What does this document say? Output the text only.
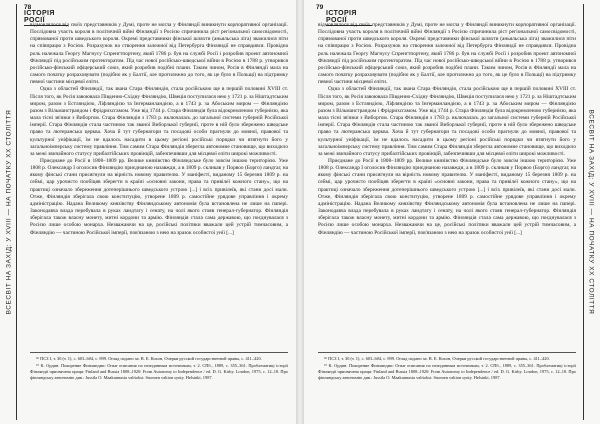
ВСЕСВІТ НА ЗАХІД: У XVIII — НА ПОЧАТКУ XX СТОЛІТТЯ
78
ІСТОРІЯ РОСІЇ

відмовлялося від своїх представників у Думі, проте не могла у Фінляндії виникнути корпоративної організації. Послідовна участь короля в політичній війні Фінляндії з Росією спричинила ріст регіональної самосвідомості, спрямованої проти шведського короля. Окремі представники фінської шляхти (аньяльська ліга) зважилися піти на співпрацю з Росією. Розрахунок на створення залежної від Петербурга Фінляндії не справдився. Провідна роль належала Георгу Магнусу Спренгтпортену, який 1786 р. був на службі Росії і розробив проект автономної Фінляндії під російським протекторатом. Під час нової російсько-шведської війни в Росією в 1788 р. утворився російсько-фінський офіцерський союз, який розробив подібні плани. Таким чином, Росія в Фінляндії мала на самого початку розраховувати (подібно як у Балтії, але протилежно до того, як це було в Польщі) на підтримку певної частини місцевої еліти.

Одна з областей Фінляндії, так звана Стара Фінляндія, стала російською ще в першій половині XVIII ст. Після того, як Росія завоювала Південно-Східну Фінляндію, Швеція поступилася нею у 1721 р. за Ніштадтським миром, разом з Естляндією, Ліфляндією та Інгерманландією, а в 1743 р. за Абоським миром — Фінляндією разом з Вільманстрандом і Фрідрихсгамом. Уже від 1744 р. Стара Фінляндія була відокремленою губернією, яка мала тісні зв'язки з Виборгом. Стара Фінляндія з 1783 р. включалась до загальної системи губерній Російської імперії. Стара Фінляндія стала частиною так званої Виборзької губернії, проте в ній було збережено шведське право та лютеранська церква. Хоча й тут губернатори та посадові особи прагнули до мовної, правової та культурної уніфікації, їм не вдалось насадити в цьому регіоні російські порядки чи втягнути його у загальноімперську систему правління. Тим самим Стара Фінляндія зберегла автономне становище, що виходило за межі звичайного статусу прибалтійських провінцій, забезпечивши для місцевої еліти широкі можливості.

Приєднане до Росії в 1808–1809 рр. Велике князівство Фінляндське було зовсім іншою територією. Уже 1808 р. Олександр I оголосив Фінляндію приєднаною назавжди, а в 1809 р. скликав у Порвоо (Борго) ландтаг, на якому фінські стани присягнули на вірність новому правителю. У маніфесті, виданому 15 березня 1809 р. на сеймі, цар урочисто пообіцяв зберегти в країні «основні закони, права та привілеї кожного стану», що на практиці означало збереження дотеперішнього шведського устрою [...] і всіх привілеїв, які стани досі мали. Отже, Фінляндія зберігала свою конституцію, утворене 1809 р. самостійне урядове управління і окрему адміністрацію. Надана Великому князівству Фінляндському автономія була встановлена не лише на папері. Законодавча влада перебувала в руках ландтагу і сенату, на чолі якого стояв генерал-губернатор. Фінляндія зберігала також власну монету, митні кордони та армію. Фінляндія стала сама державою, що поєднувалася з Росією лише особою монарха. Незважаючи на це, російські політики вважали цей устрій тимчасовим, а Фінляндію — частиною Російської імперії, пов'язаною з нею на зразок особистої унії [...]

⁶⁶ ПСЗ I, т. 30 (т. 1), с. 603–604, с. 899. Огляд подано за: В. Е. Кохон, Очерки русской государственной правы, с. 411–420.

⁶⁷ К. Ордин. Покорение Финляндии: Опыт описания по неизданным источникам, т. 2. СПб., 1889, с. 355–361. Проблематиці історії Фінляндії присвячена праця: Finland and Russia 1808–1920: From Autonomy to Independence / ed. D. G. Kirby. London, 1975, с. 12–18. Про фінляндську автономію див.: Jussila O. Maakunnasta valtioksi: Suomen valtion synty. Helsinki, 1987.

79
ІСТОРІЯ РОСІЇ

відмовлялося від своїх представників у Думі, проте не могла у Фінляндії виникнути корпоративної організації. Послідовна участь короля в політичній війні Фінляндії з Росією спричинила ріст регіональної самосвідомості, спрямованої проти шведського короля. Окремі представники фінської шляхти (аньяльська ліга) зважилися піти на співпрацю з Росією. Розрахунок на створення залежної від Петербурга Фінляндії не справдився. Провідна роль належала Георгу Магнусу Спренгтпортену, який 1786 р. був на службі Росії і розробив проект автономної Фінляндії під російським протекторатом. Під час нової російсько-шведської війни в Росією в 1788 р. утворився російсько-фінський офіцерський союз, який розробив подібні плани. Таким чином, Росія в Фінляндії мала на самого початку розраховувати (подібно як у Балтії, але протилежно до того, як це було в Польщі) на підтримку певної частини місцевої еліти.

Одна з областей Фінляндії, так звана Стара Фінляндія, стала російською ще в першій половині XVIII ст. Після того, як Росія завоювала Південно-Східну Фінляндію, Швеція поступилася нею у 1721 р. за Ніштадтським миром, разом з Естляндією, Ліфляндією та Інгерманландією, а в 1743 р. за Абоським миром — Фінляндією разом з Вільманстрандом і Фрідрихсгамом. Уже від 1744 р. Стара Фінляндія була відокремленою губернією, яка мала тісні зв'язки з Виборгом. Стара Фінляндія з 1783 р. включалась до загальної системи губерній Російської імперії. Стара Фінляндія стала частиною так званої Виборзької губернії, проте в ній було збережено шведське право та лютеранська церква. Хоча й тут губернатори та посадові особи прагнули до мовної, правової та культурної уніфікації, їм не вдалось насадити в цьому регіоні російські порядки чи втягнути його у загальноімперську систему правління. Тим самим Стара Фінляндія зберегла автономне становище, що виходило за межі звичайного статусу прибалтійських провінцій, забезпечивши для місцевої еліти широкі можливості.

Приєднане до Росії в 1808–1809 рр. Велике князівство Фінляндське було зовсім іншою територією. Уже 1808 р. Олександр I оголосив Фінляндію приєднаною назавжди, а в 1809 р. скликав у Порвоо (Борго) ландтаг, на якому фінські стани присягнули на вірність новому правителю. У маніфесті, виданому 15 березня 1809 р. на сеймі, цар урочисто пообіцяв зберегти в країні «основні закони, права та привілеї кожного стану», що на практиці означало збереження дотеперішнього шведського устрою [...] і всіх привілеїв, які стани досі мали. Отже, Фінляндія зберігала свою конституцію, утворене 1809 р. самостійне урядове управління і окрему адміністрацію. Надана Великому князівству Фінляндському автономія була встановлена не лише на папері. Законодавча влада перебувала в руках ландтагу і сенату, на чолі якого стояв генерал-губернатор. Фінляндія зберігала також власну монету, митні кордони та армію. Фінляндія стала сама державою, що поєднувалася з Росією лише особою монарха. Незважаючи на це, російські політики вважали цей устрій тимчасовим, а Фінляндію — частиною Російської імперії, пов'язаною з нею на зразок особистої унії [...]

⁶⁶ ПСЗ I, т. 30 (т. 1), с. 603–604, с. 899. Огляд подано за: В. Е. Кохон, Очерки русской государственной правы, с. 411–420.

⁶⁷ К. Ордин. Покорение Финляндии: Опыт описания по неизданным источникам, т. 2. СПб., 1889, с. 355–361. Проблематиці історії Фінляндії присвячена праця: Finland and Russia 1808–1920: From Autonomy to Independence / ed. D. G. Kirby. London, 1975, с. 12–18. Про фінляндську автономію див.: Jussila O. Maakunnasta valtioksi: Suomen valtion synty. Helsinki, 1987.

ВСЕСВІТ НА ЗАХІД: У XVIII — НА ПОЧАТКУ XX СТОЛІТТЯ
